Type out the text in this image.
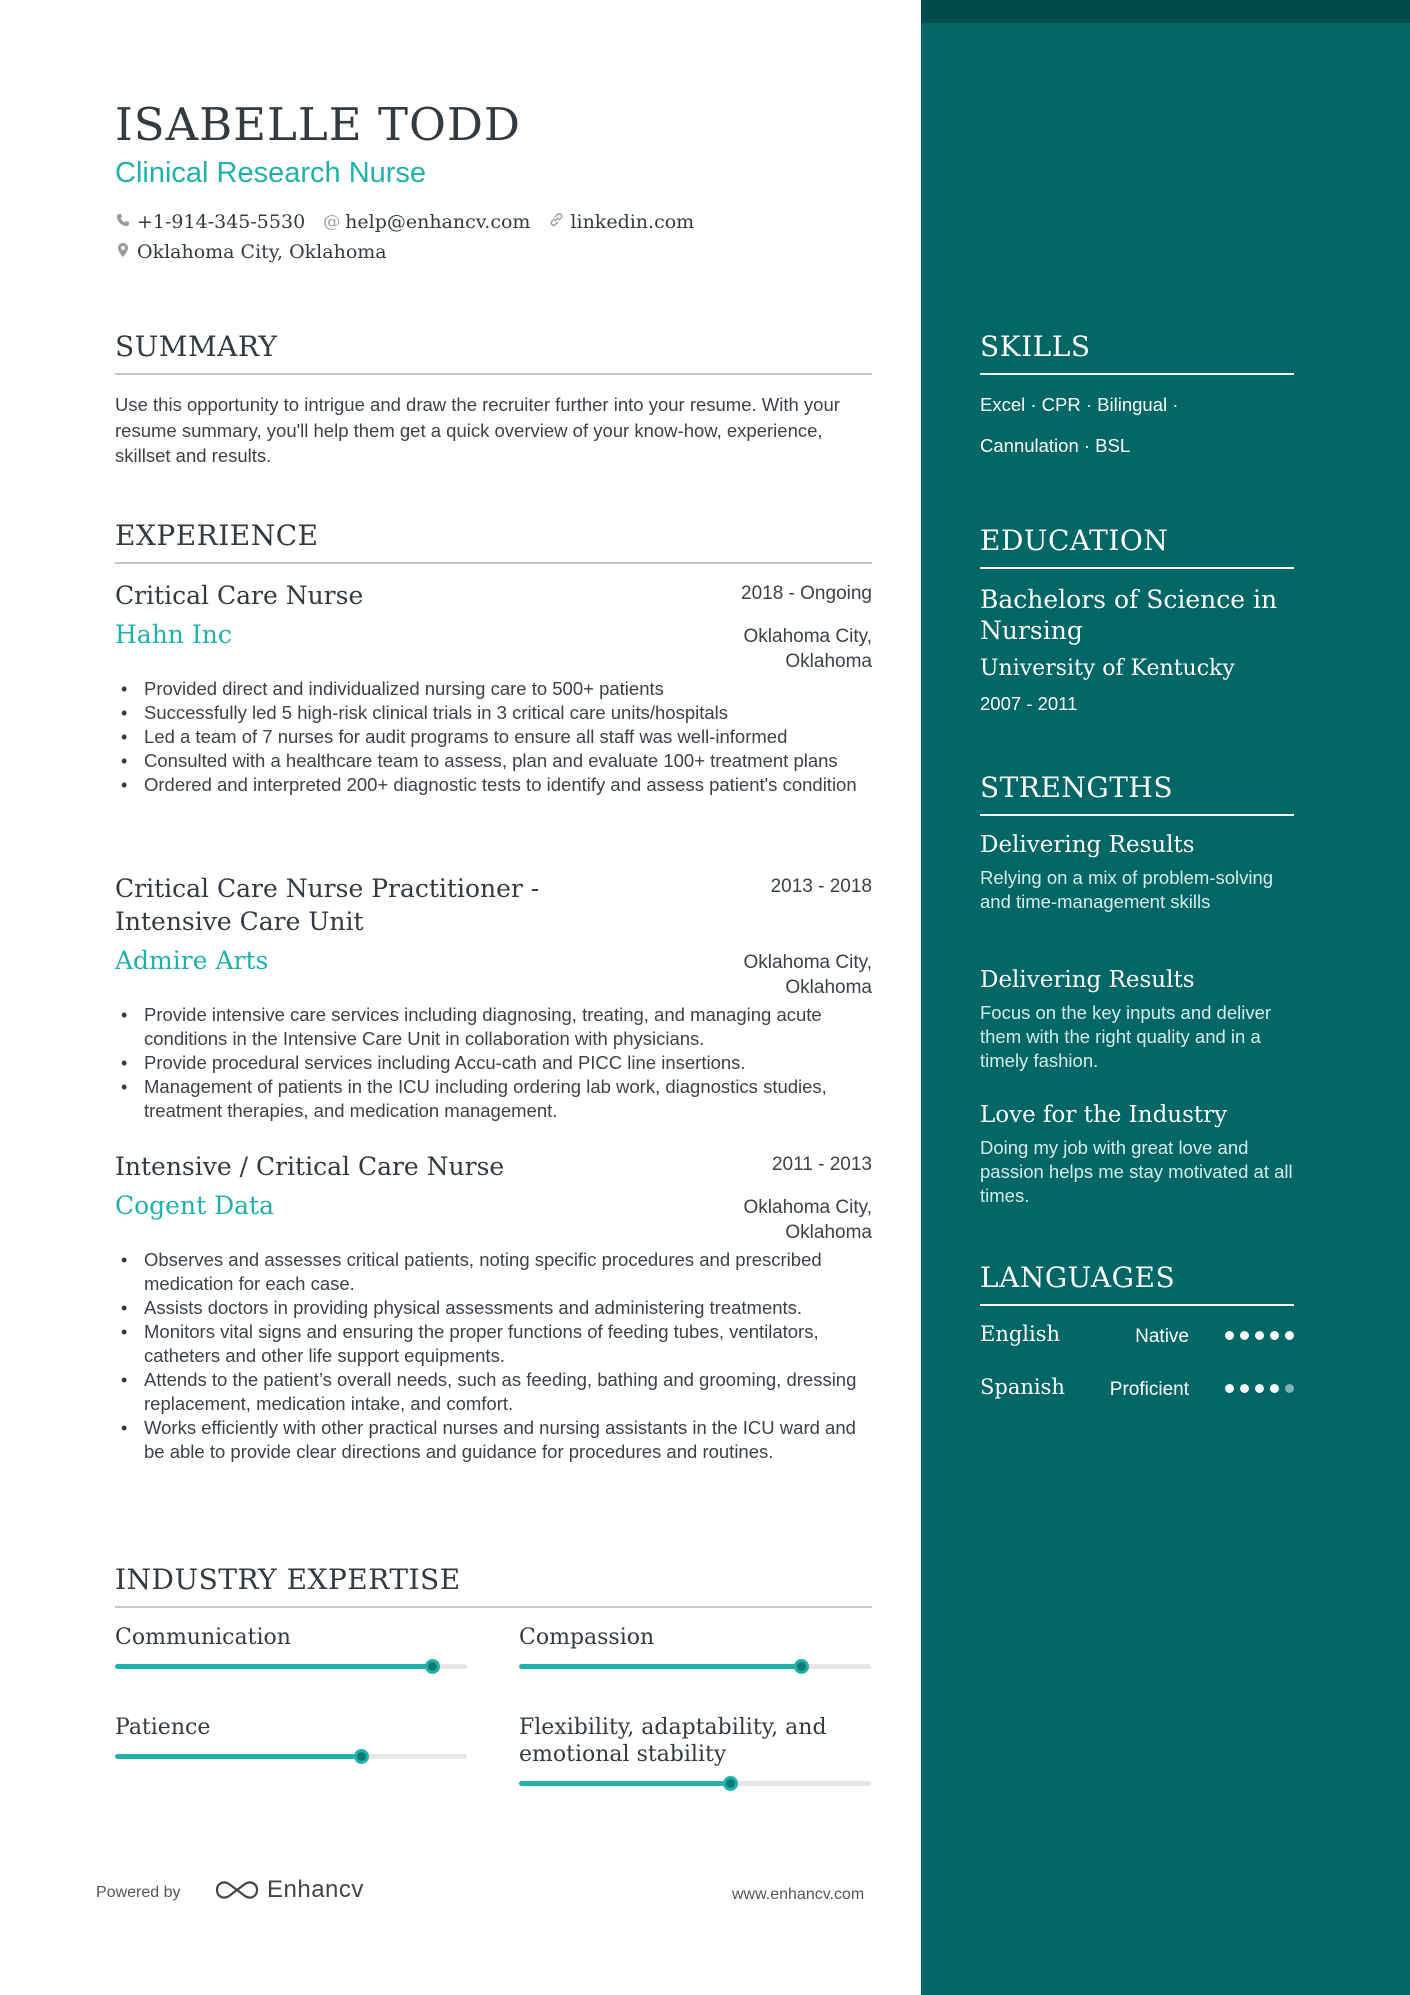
ISABELLE TODD
Clinical Research Nurse
+1-914-345-5530 @ help@enhancv.com linkedin.com
Oklahoma City, Oklahoma
SUMMARY

Use this opportunity to intrigue and draw the recruiter further into your resume. With your resume summary, you'll help them get a quick overview of your know-how, experience, skillset and results.

EXPERIENCE
Critical Care Nurse	2018 - Ongoing
Hahn Inc	Oklahoma City,
Oklahoma
• Provided direct and individualized nursing care to 500+ patients
• Successfully led 5 high-risk clinical trials in 3 critical care units/hospitals
• Led a team of 7 nurses for audit programs to ensure all staff was well-informed
• Consulted with a healthcare team to assess, plan and evaluate 100+ treatment plans
• Ordered and interpreted 200+ diagnostic tests to identify and assess patient's condition
Critical Care Nurse Practitioner - Intensive Care Unit
2013 - 2018
Admire Arts	Oklahoma City,
Oklahoma
• Provide intensive care services including diagnosing, treating, and managing acute conditions in the Intensive Care Unit in collaboration with physicians.
• Provide procedural services including Accu-cath and PICC line insertions.
• Management of patients in the ICU including ordering lab work, diagnostics studies, treatment therapies, and medication management.
Intensive / Critical Care Nurse	2011 - 2013
Cogent Data	Oklahoma City,
Oklahoma
• Observes and assesses critical patients, noting specific procedures and prescribed medication for each case.
• Assists doctors in providing physical assessments and administering treatments.
• Monitors vital signs and ensuring the proper functions of feeding tubes, ventilators, catheters and other life support equipments.
• Attends to the patient’s overall needs, such as feeding, bathing and grooming, dressing replacement, medication intake, and comfort.
• Works efficiently with other practical nurses and nursing assistants in the ICU ward and be able to provide clear directions and guidance for procedures and routines.
INDUSTRY EXPERTISE
Communication	Compassion
Patience	Flexibility, adaptability, and emotional stability
Powered by	Enhancv	www.enhancv.com
SKILLS
Excel · CPR · Bilingual ·
Cannulation · BSL
EDUCATION
Bachelors of Science in Nursing
University of Kentucky
2007 - 2011
STRENGTHS
Delivering Results
Relying on a mix of problem-solving and time-management skills
Delivering Results
Focus on the key inputs and deliver them with the right quality and in a timely fashion.
Love for the Industry
Doing my job with great love and passion helps me stay motivated at all times.
LANGUAGES
English	Native
Spanish Proficient
